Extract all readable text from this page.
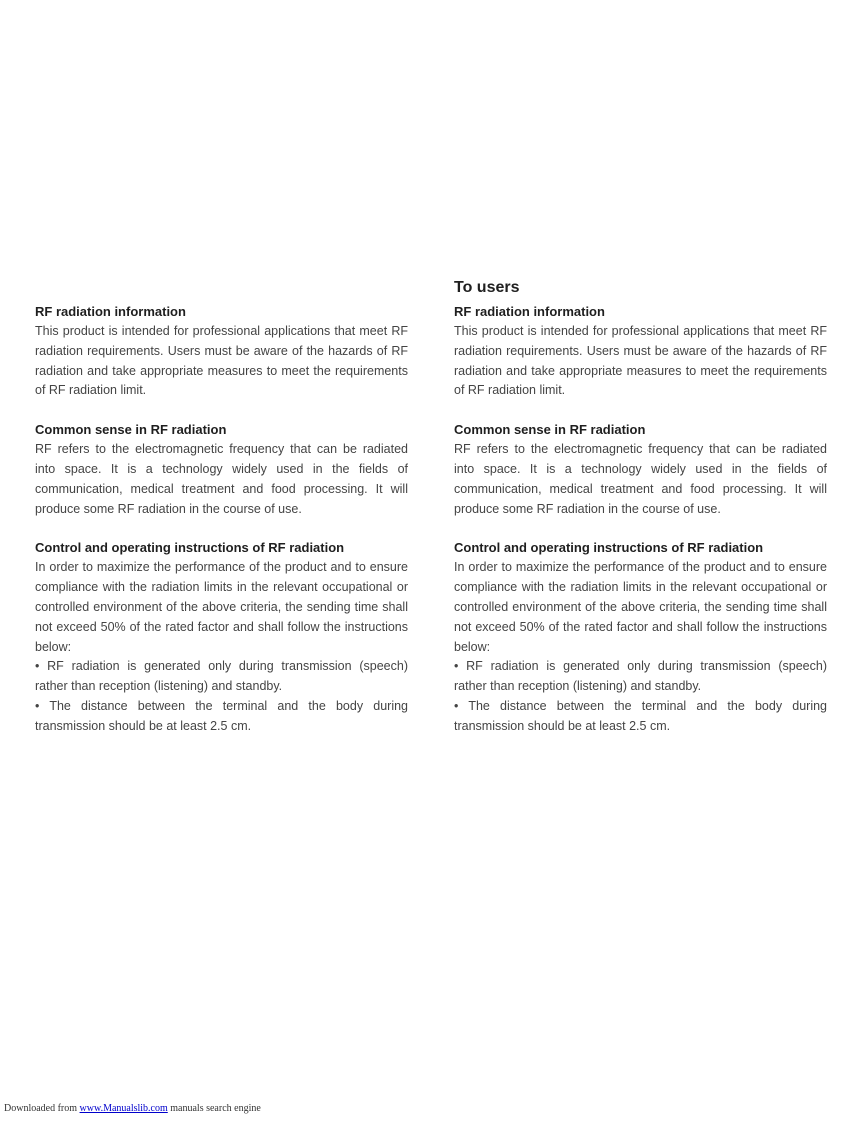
RF radiation information

This product is intended for professional applications that meet RF radiation requirements. Users must be aware of the hazards of RF radiation and take appropriate measures to meet the requirements of RF radiation limit.

Common sense in RF radiation

RF refers to the electromagnetic frequency that can be radiated into space. It is a technology widely used in the fields of communication, medical treatment and food processing. It will produce some RF radiation in the course of use.

Control and operating instructions of RF radiation

In order to maximize the performance of the product and to ensure compliance with the radiation limits in the relevant occupational or controlled environment of the above criteria, the sending time shall not exceed 50% of the rated factor and shall follow the instructions below:

• RF radiation is generated only during transmission (speech) rather than reception (listening) and standby.

• The distance between the terminal and the body during transmission should be at least 2.5 cm.

To users

RF radiation information

This product is intended for professional applications that meet RF radiation requirements. Users must be aware of the hazards of RF radiation and take appropriate measures to meet the requirements of RF radiation limit.

Common sense in RF radiation

RF refers to the electromagnetic frequency that can be radiated into space. It is a technology widely used in the fields of communication, medical treatment and food processing. It will produce some RF radiation in the course of use.

Control and operating instructions of RF radiation

In order to maximize the performance of the product and to ensure compliance with the radiation limits in the relevant occupational or controlled environment of the above criteria, the sending time shall not exceed 50% of the rated factor and shall follow the instructions below:

• RF radiation is generated only during transmission (speech) rather than reception (listening) and standby.

• The distance between the terminal and the body during transmission should be at least 2.5 cm.

Downloaded from www.Manualslib.com manuals search engine
